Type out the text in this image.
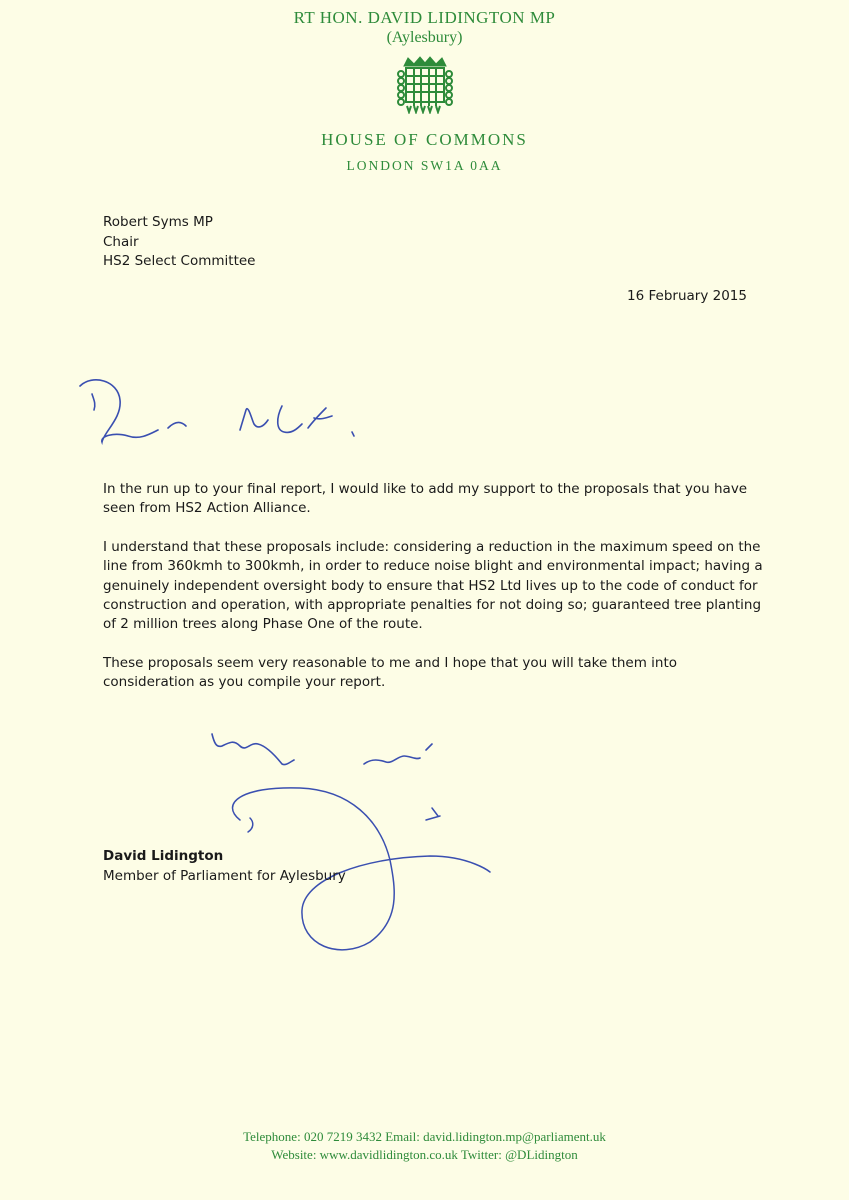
RT HON. DAVID LIDINGTON MP
(Aylesbury)
HOUSE OF COMMONS
LONDON SW1A 0AA
Robert Syms MP
Chair
HS2 Select Committee
16 February 2015

In the run up to your final report, I would like to add my support to the proposals that you have seen from HS2 Action Alliance.

I understand that these proposals include: considering a reduction in the maximum speed on the line from 360kmh to 300kmh, in order to reduce noise blight and environmental impact; having a genuinely independent oversight body to ensure that HS2 Ltd lives up to the code of conduct for construction and operation, with appropriate penalties for not doing so; guaranteed tree planting of 2 million trees along Phase One of the route.

These proposals seem very reasonable to me and I hope that you will take them into consideration as you compile your report.

David Lidington
Member of Parliament for Aylesbury
Telephone: 020 7219 3432 Email: david.lidington.mp@parliament.uk
Website: www.davidlidington.co.uk Twitter: @DLidington
